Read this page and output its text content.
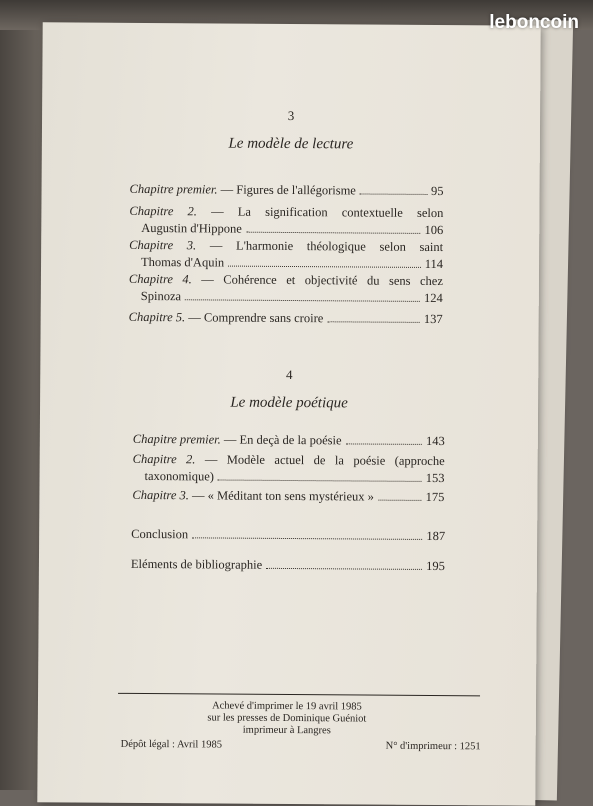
3
Le modèle de lecture
Chapitre premier. — Figures de l'allégorisme	95
Chapitre 2. — La signification contextuelle selon
Augustin d'Hippone	106
Chapitre 3. — L'harmonie théologique selon saint
Thomas d'Aquin	114
Chapitre 4. — Cohérence et objectivité du sens chez
Spinoza	124
Chapitre 5. — Comprendre sans croire	137
4
Le modèle poétique
Chapitre premier. — En deçà de la poésie	143
Chapitre 2. — Modèle actuel de la poésie (approche
taxonomique)	153
Chapitre 3. — « Méditant ton sens mystérieux »	175
Conclusion	187
Eléments de bibliographie	195
Achevé d'imprimer le 19 avril 1985
sur les presses de Dominique Guéniot
imprimeur à Langres
Dépôt légal : Avril 1985	N° d'imprimeur : 1251
leboncoin
